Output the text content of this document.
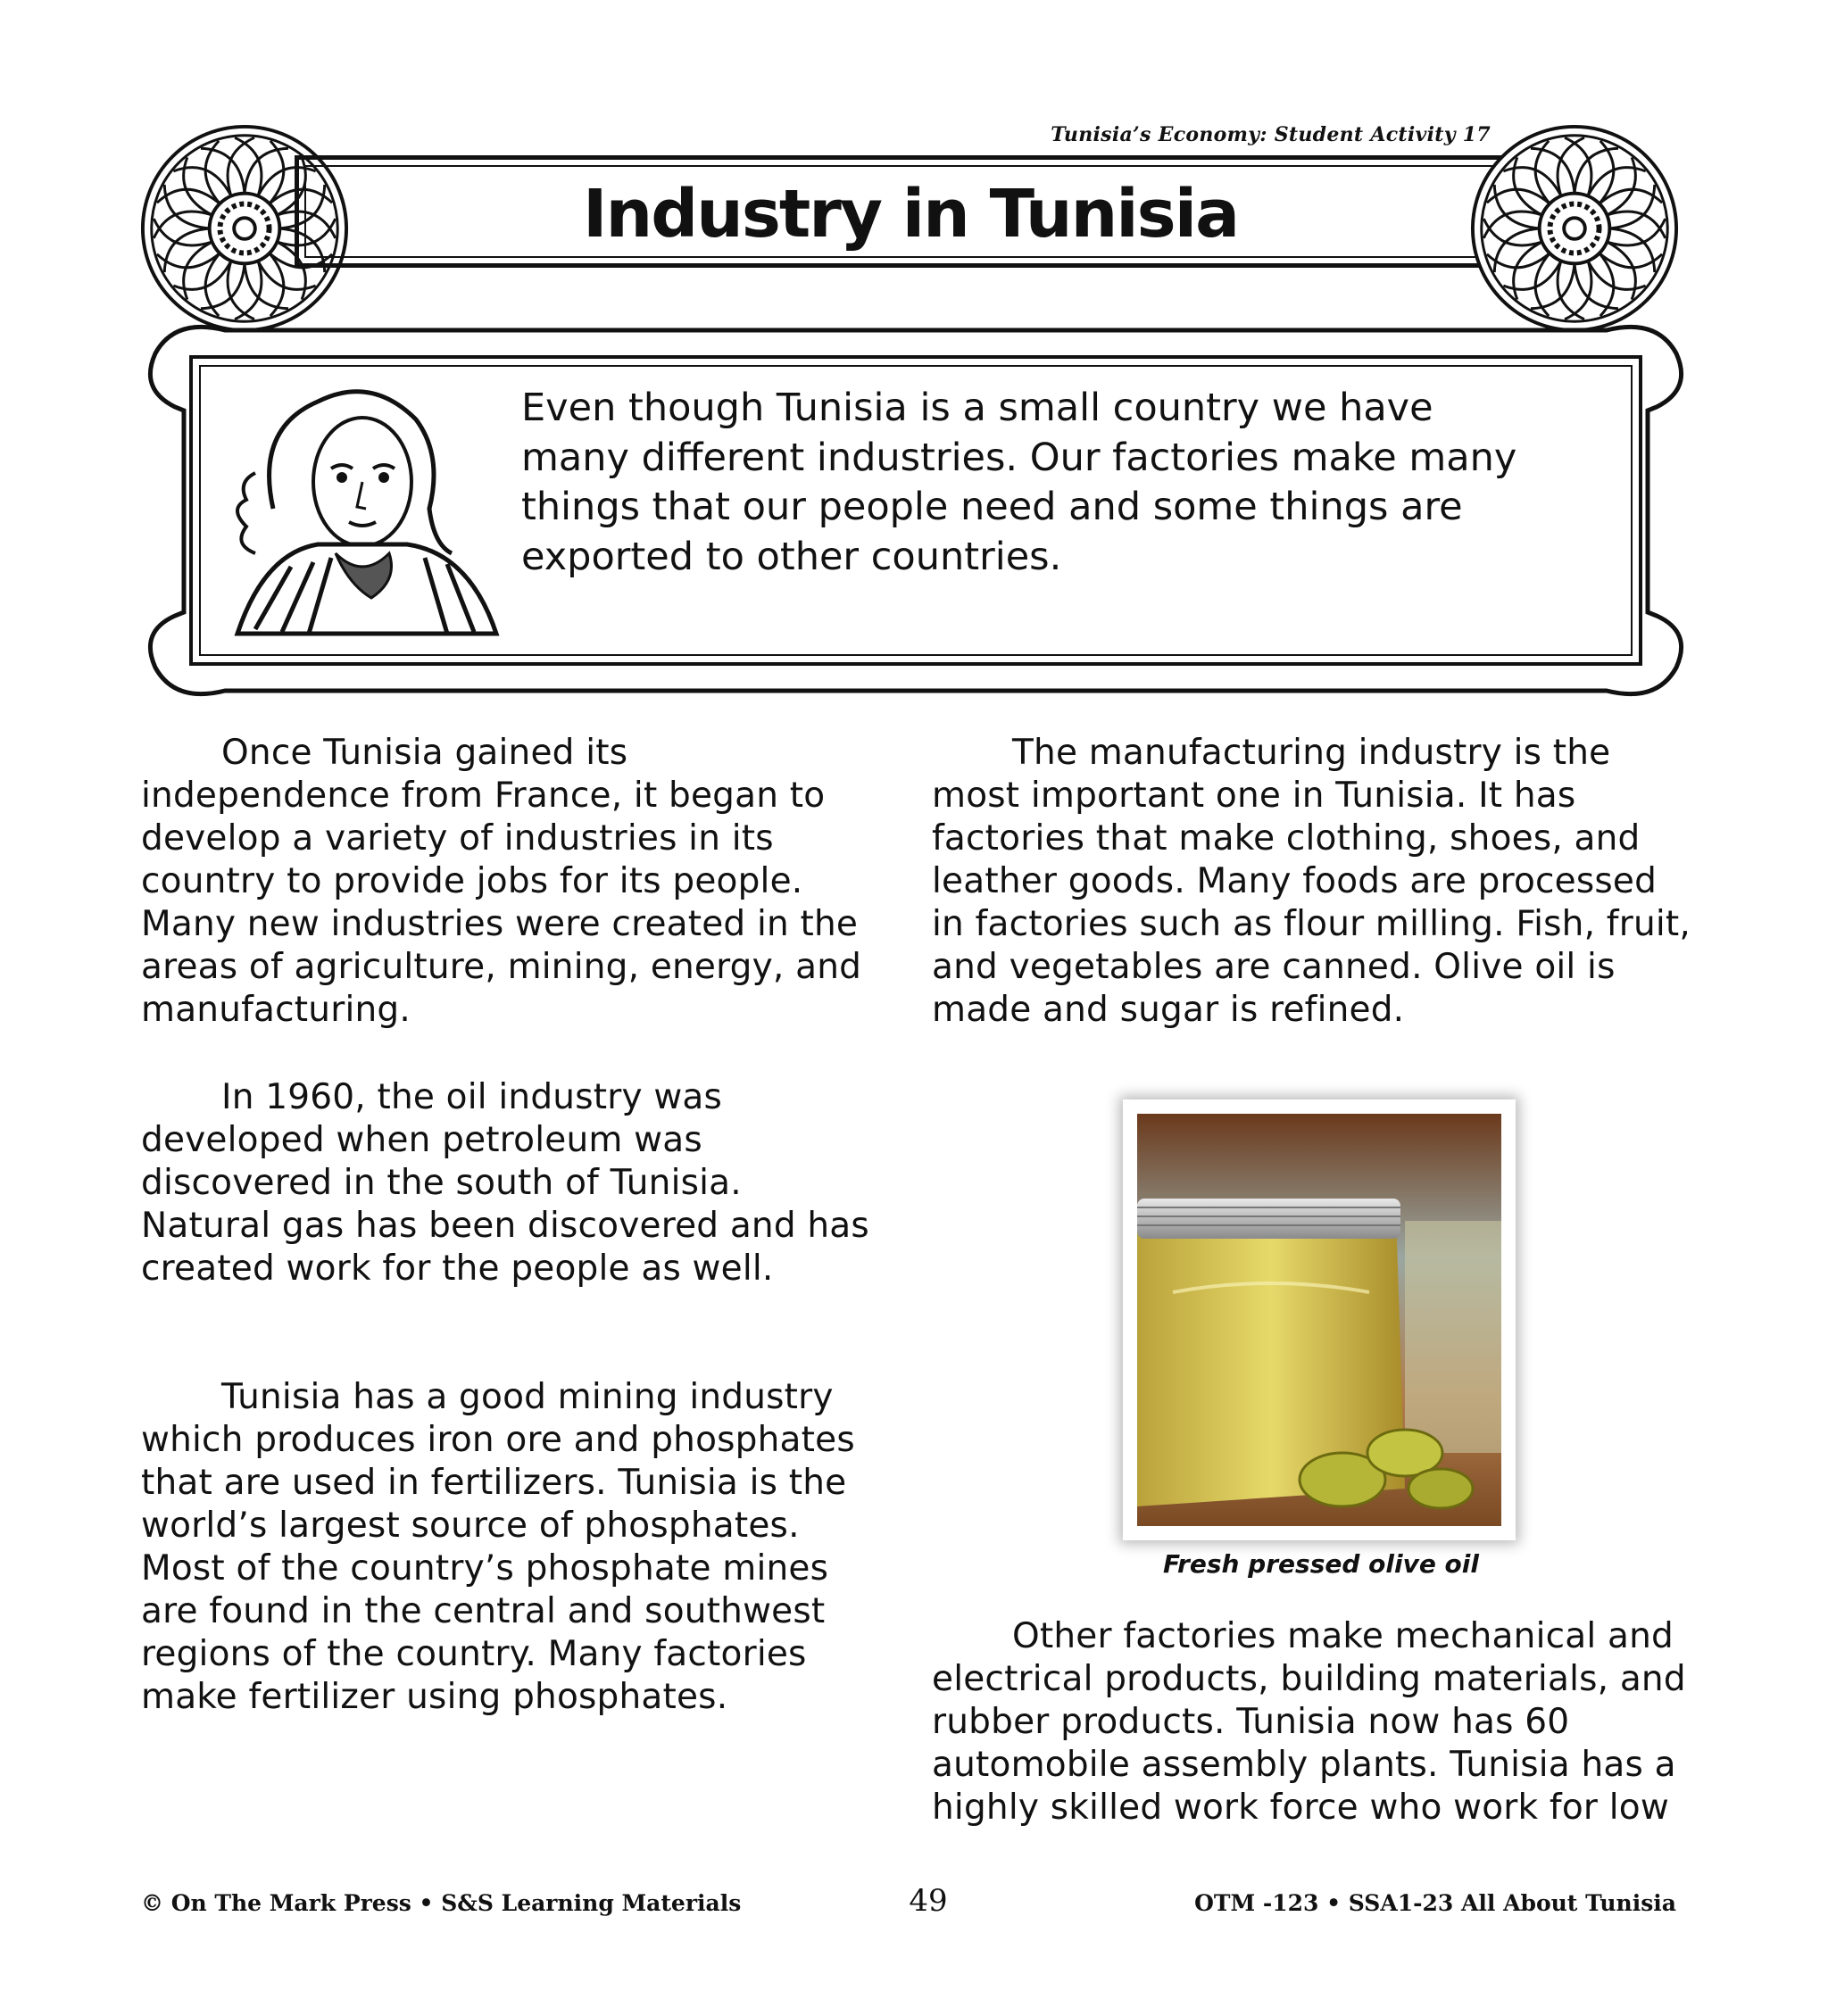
Tunisia’s Economy: Student Activity 17
Industry in Tunisia
Even though Tunisia is a small country we have many different industries. Our factories make many things that our people need and some things are exported to other countries.

Once Tunisia gained its independence from France, it began to develop a variety of industries in its country to provide jobs for its people. Many new industries were created in the areas of agriculture, mining, energy, and manufacturing.

In 1960, the oil industry was developed when petroleum was discovered in the south of Tunisia. Natural gas has been discovered and has created work for the people as well.

Tunisia has a good mining industry which produces iron ore and phosphates that are used in fertilizers. Tunisia is the world’s largest source of phosphates. Most of the country’s phosphate mines are found in the central and southwest regions of the country. Many factories make fertilizer using phosphates.

The manufacturing industry is the most important one in Tunisia. It has factories that make clothing, shoes, and leather goods. Many foods are processed in factories such as flour milling. Fish, fruit, and vegetables are canned. Olive oil is made and sugar is refined.

Fresh pressed olive oil

Other factories make mechanical and electrical products, building materials, and rubber products. Tunisia now has 60 automobile assembly plants. Tunisia has a highly skilled work force who work for low

© On The Mark Press • S&S Learning Materials	49	OTM -123 • SSA1-23 All About Tunisia
